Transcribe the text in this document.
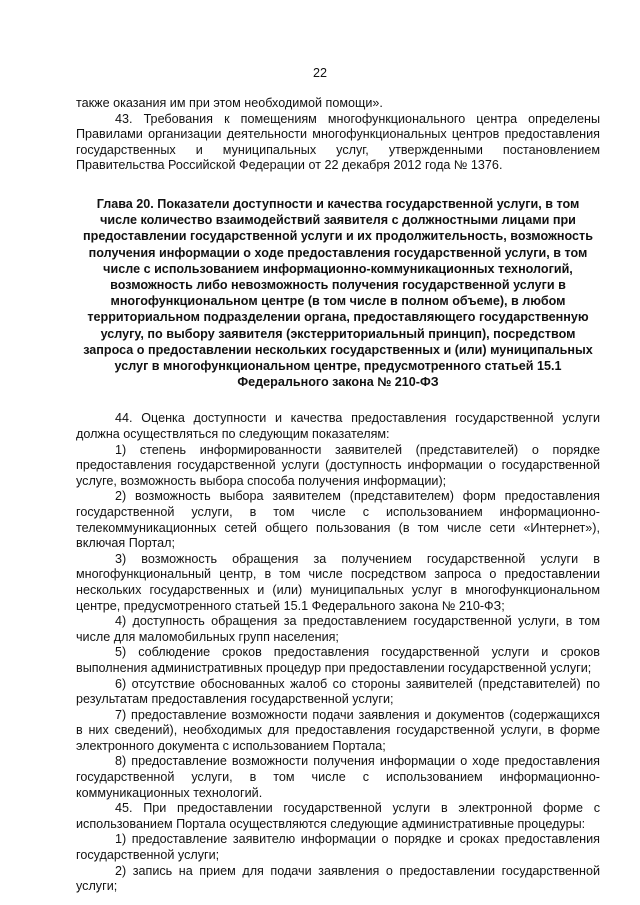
22

также оказания им при этом необходимой помощи».

43. Требования к помещениям многофункционального центра определены Правилами организации деятельности многофункциональных центров предоставления государственных и муниципальных услуг, утвержденными постановлением Правительства Российской Федерации от 22 декабря 2012 года № 1376.

Глава 20. Показатели доступности и качества государственной услуги, в том числе количество взаимодействий заявителя с должностными лицами при предоставлении государственной услуги и их продолжительность, возможность получения информации о ходе предоставления государственной услуги, в том числе с использованием информационно-коммуникационных технологий, возможность либо невозможность получения государственной услуги в многофункциональном центре (в том числе в полном объеме), в любом территориальном подразделении органа, предоставляющего государственную услугу, по выбору заявителя (экстерриториальный принцип), посредством запроса о предоставлении нескольких государственных и (или) муниципальных услуг в многофункциональном центре, предусмотренного статьей 15.1 Федерального закона № 210-ФЗ

44. Оценка доступности и качества предоставления государственной услуги должна осуществляться по следующим показателям:

1) степень информированности заявителей (представителей) о порядке предоставления государственной услуги (доступность информации о государственной услуге, возможность выбора способа получения информации);

2) возможность выбора заявителем (представителем) форм предоставления государственной услуги, в том числе с использованием информационно-телекоммуникационных сетей общего пользования (в том числе сети «Интернет»), включая Портал;

3) возможность обращения за получением государственной услуги в многофункциональный центр, в том числе посредством запроса о предоставлении нескольких государственных и (или) муниципальных услуг в многофункциональном центре, предусмотренного статьей 15.1 Федерального закона № 210-ФЗ;

4) доступность обращения за предоставлением государственной услуги, в том числе для маломобильных групп населения;

5) соблюдение сроков предоставления государственной услуги и сроков выполнения административных процедур при предоставлении государственной услуги;

6) отсутствие обоснованных жалоб со стороны заявителей (представителей) по результатам предоставления государственной услуги;

7) предоставление возможности подачи заявления и документов (содержащихся в них сведений), необходимых для предоставления государственной услуги, в форме электронного документа с использованием Портала;

8) предоставление возможности получения информации о ходе предоставления государственной услуги, в том числе с использованием информационно-коммуникационных технологий.

45. При предоставлении государственной услуги в электронной форме с использованием Портала осуществляются следующие административные процедуры:

1) предоставление заявителю информации о порядке и сроках предоставления государственной услуги;

2) запись на прием для подачи заявления о предоставлении государственной услуги;
